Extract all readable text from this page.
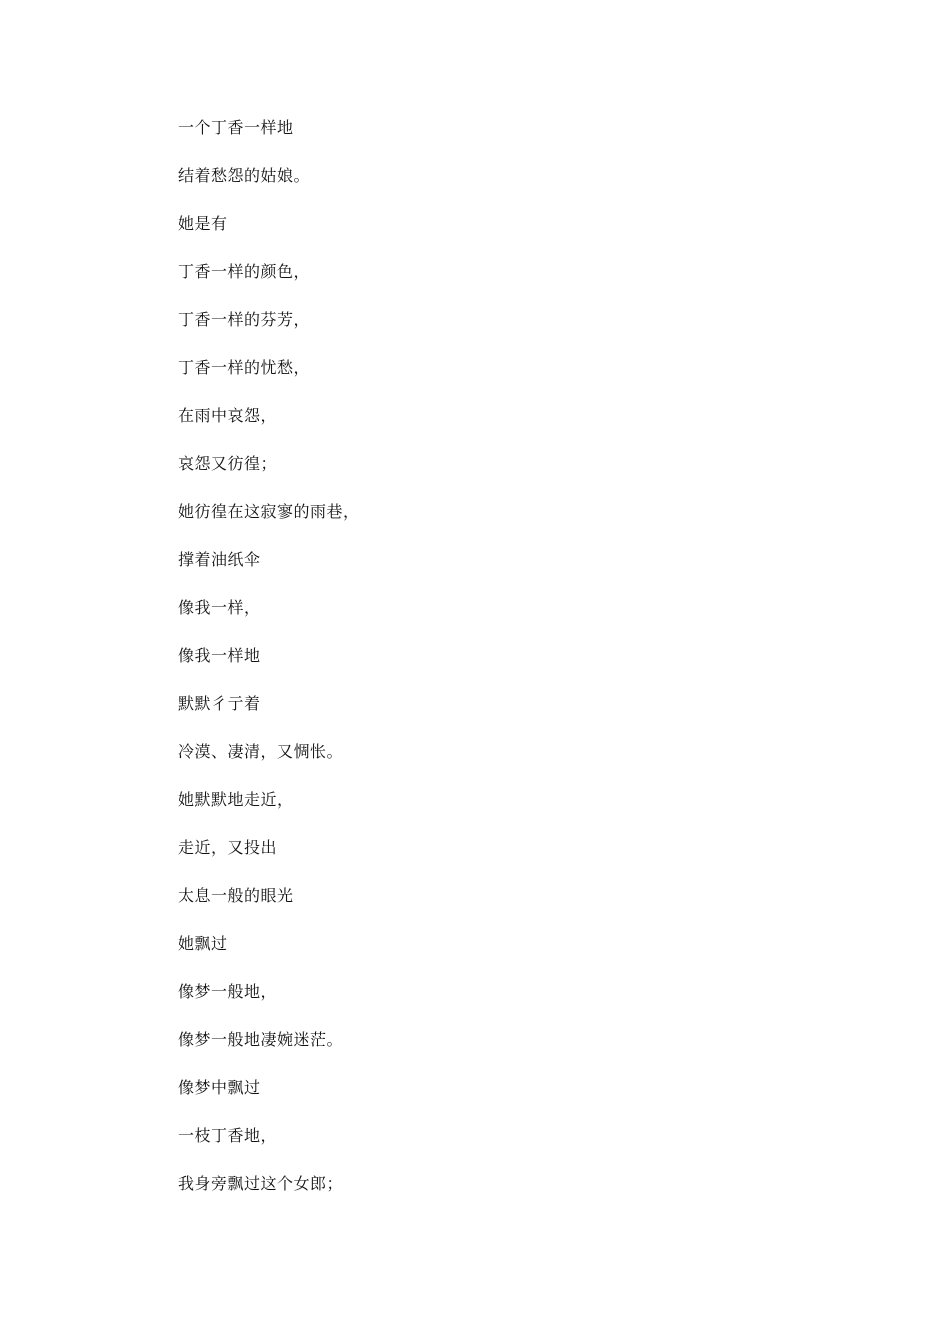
一个丁香一样地
结着愁怨的姑娘。
她是有
丁香一样的颜色，
丁香一样的芬芳，
丁香一样的忧愁，
在雨中哀怨，
哀怨又彷徨；
她彷徨在这寂寥的雨巷，
撑着油纸伞
像我一样，
像我一样地
默默彳亍着
冷漠、凄清，又惆怅。
她默默地走近，
走近，又投出
太息一般的眼光
她飘过
像梦一般地，
像梦一般地凄婉迷茫。
像梦中飘过
一枝丁香地，
我身旁飘过这个女郎；
